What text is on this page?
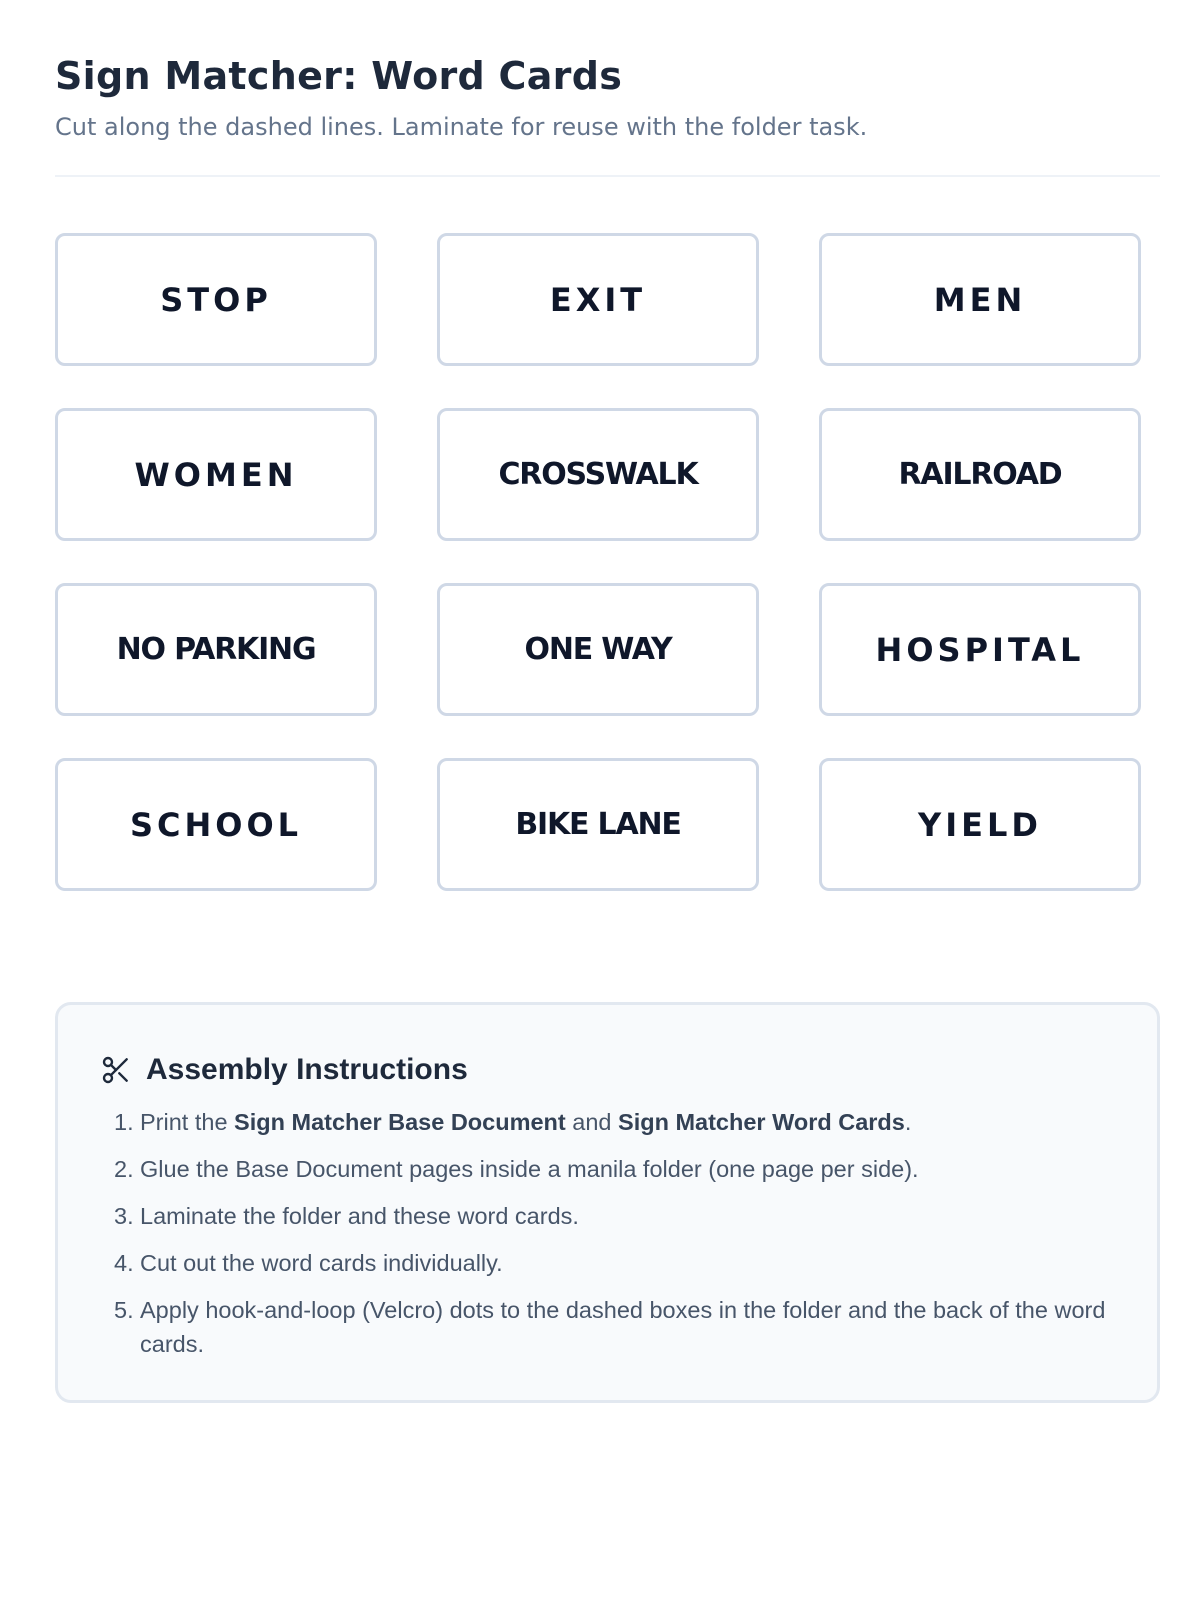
Sign Matcher: Word Cards

Cut along the dashed lines. Laminate for reuse with the folder task.

STOP	EXIT	MEN
WOMEN	CROSSWALK	RAILROAD
NO PARKING	ONE WAY	HOSPITAL
SCHOOL	BIKE LANE	YIELD
Assembly Instructions
1. Print the Sign Matcher Base Document and Sign Matcher Word Cards.
2. Glue the Base Document pages inside a manila folder (one page per side).
3. Laminate the folder and these word cards.
4. Cut out the word cards individually.
5. Apply hook-and-loop (Velcro) dots to the dashed boxes in the folder and the back of the word cards.
